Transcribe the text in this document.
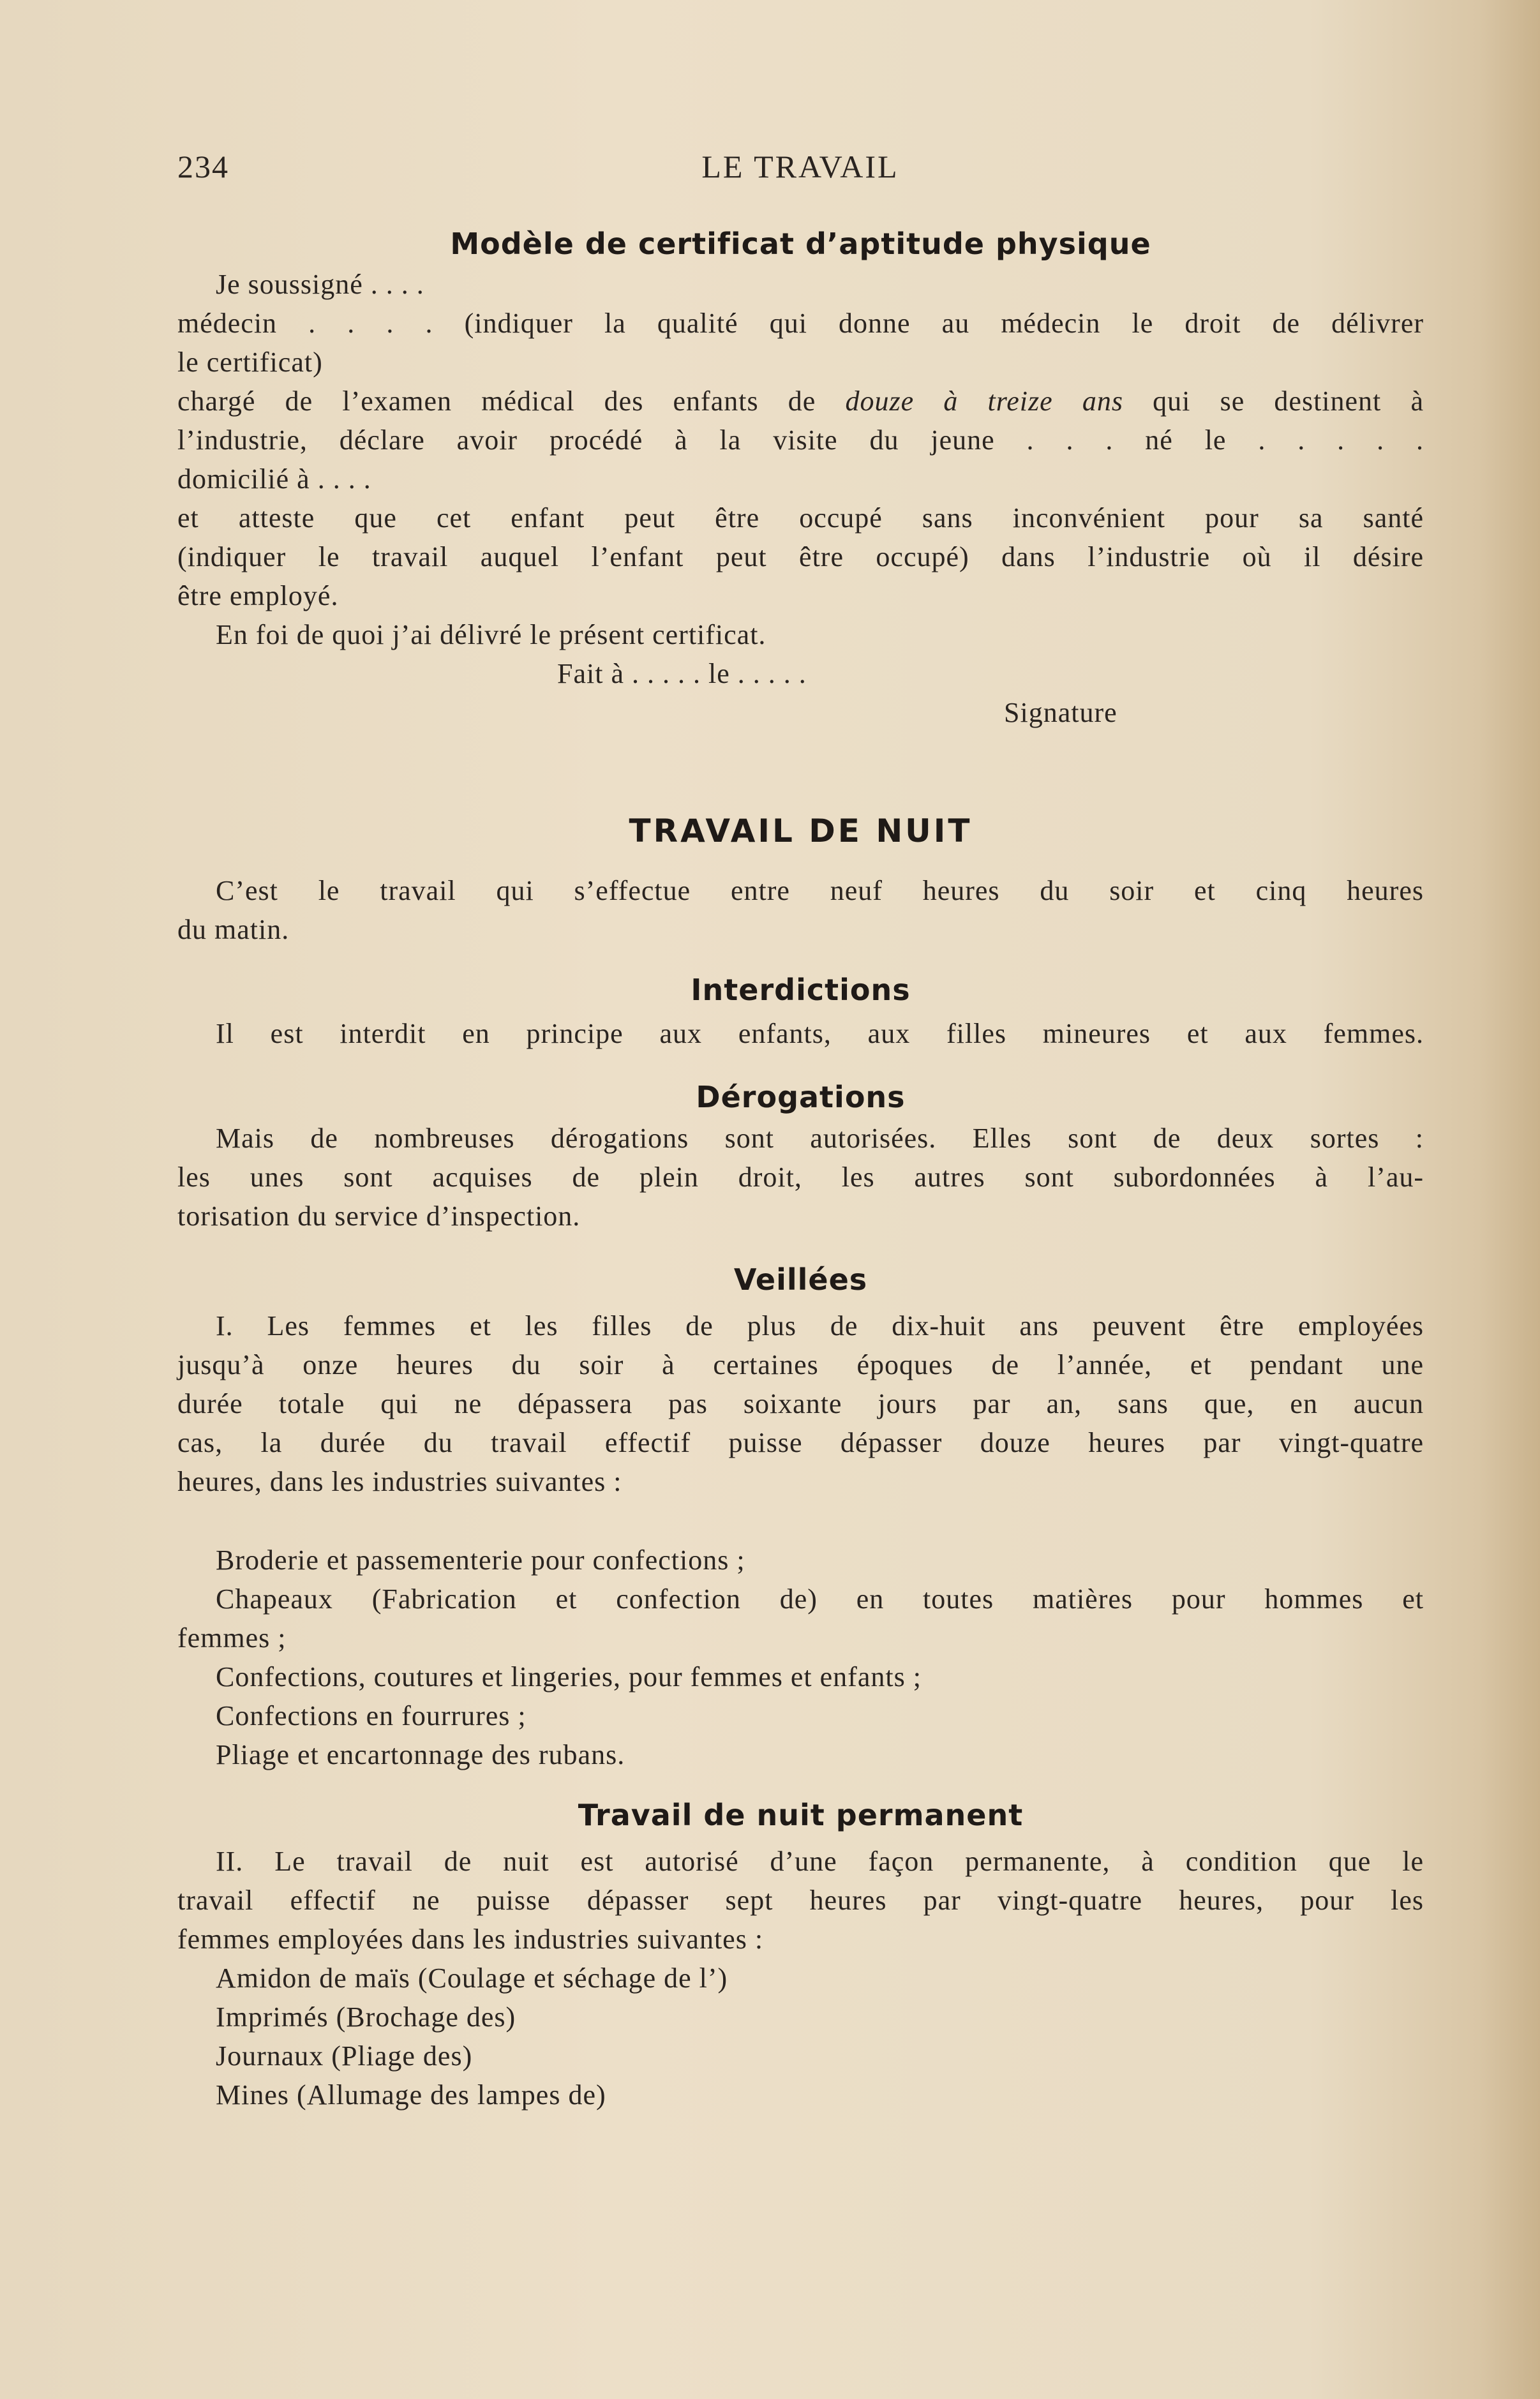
234	LE TRAVAIL
Modèle de certificat d’aptitude physique
Je soussigné . . . .
médecin . . . . (indiquer la qualité qui donne au médecin le droit de délivrer
le certificat)
chargé de l’examen médical des enfants de douze à treize ans qui se destinent à
l’industrie, déclare avoir procédé à la visite du jeune . . . né le . . . . .
domicilié à . . . .
et atteste que cet enfant peut être occupé sans inconvénient pour sa santé
(indiquer le travail auquel l’enfant peut être occupé) dans l’industrie où il désire
être employé.
En foi de quoi j’ai délivré le présent certificat.
Fait à . . . . . le . . . . .
Signature
TRAVAIL DE NUIT
C’est le travail qui s’effectue entre neuf heures du soir et cinq heures
du matin.
Interdictions
Il est interdit en principe aux enfants, aux filles mineures et aux femmes.
Dérogations
Mais de nombreuses dérogations sont autorisées. Elles sont de deux sortes :
les unes sont acquises de plein droit, les autres sont subordonnées à l’au-
torisation du service d’inspection.
Veillées
I. Les femmes et les filles de plus de dix-huit ans peuvent être employées
jusqu’à onze heures du soir à certaines époques de l’année, et pendant une
durée totale qui ne dépassera pas soixante jours par an, sans que, en aucun
cas, la durée du travail effectif puisse dépasser douze heures par vingt-quatre
heures, dans les industries suivantes :
Broderie et passementerie pour confections ;
Chapeaux (Fabrication et confection de) en toutes matières pour hommes et
femmes ;
Confections, coutures et lingeries, pour femmes et enfants ;
Confections en fourrures ;
Pliage et encartonnage des rubans.
Travail de nuit permanent
II. Le travail de nuit est autorisé d’une façon permanente, à condition que le
travail effectif ne puisse dépasser sept heures par vingt-quatre heures, pour les
femmes employées dans les industries suivantes :
Amidon de maïs (Coulage et séchage de l’)
Imprimés (Brochage des)
Journaux (Pliage des)
Mines (Allumage des lampes de)
